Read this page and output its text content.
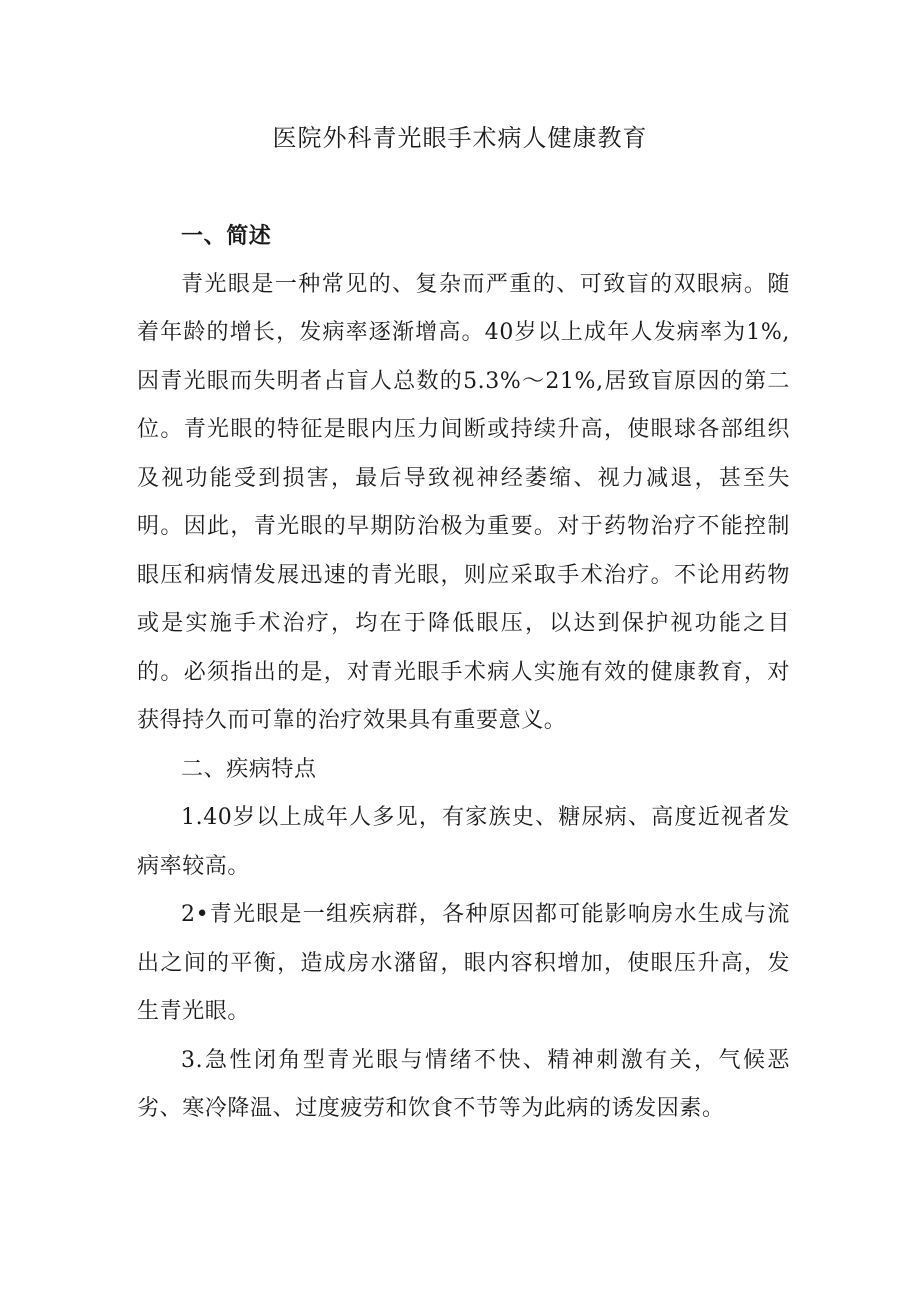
医院外科青光眼手术病人健康教育

一、简述

青光眼是一种常见的、复杂而严重的、可致盲的双眼病。随着年龄的增长，发病率逐渐增高。40岁以上成年人发病率为1%,因青光眼而失明者占盲人总数的5.3%～21%,居致盲原因的第二位。青光眼的特征是眼内压力间断或持续升高，使眼球各部组织及视功能受到损害，最后导致视神经萎缩、视力减退，甚至失明。因此，青光眼的早期防治极为重要。对于药物治疗不能控制眼压和病情发展迅速的青光眼，则应采取手术治疗。不论用药物或是实施手术治疗，均在于降低眼压，以达到保护视功能之目的。必须指出的是，对青光眼手术病人实施有效的健康教育，对获得持久而可靠的治疗效果具有重要意义。

二、疾病特点

1.40岁以上成年人多见，有家族史、糖尿病、高度近视者发病率较高。

2•青光眼是一组疾病群，各种原因都可能影响房水生成与流出之间的平衡，造成房水潴留，眼内容积增加，使眼压升高，发生青光眼。

3.急性闭角型青光眼与情绪不快、精神刺激有关，气候恶劣、寒冷降温、过度疲劳和饮食不节等为此病的诱发因素。
